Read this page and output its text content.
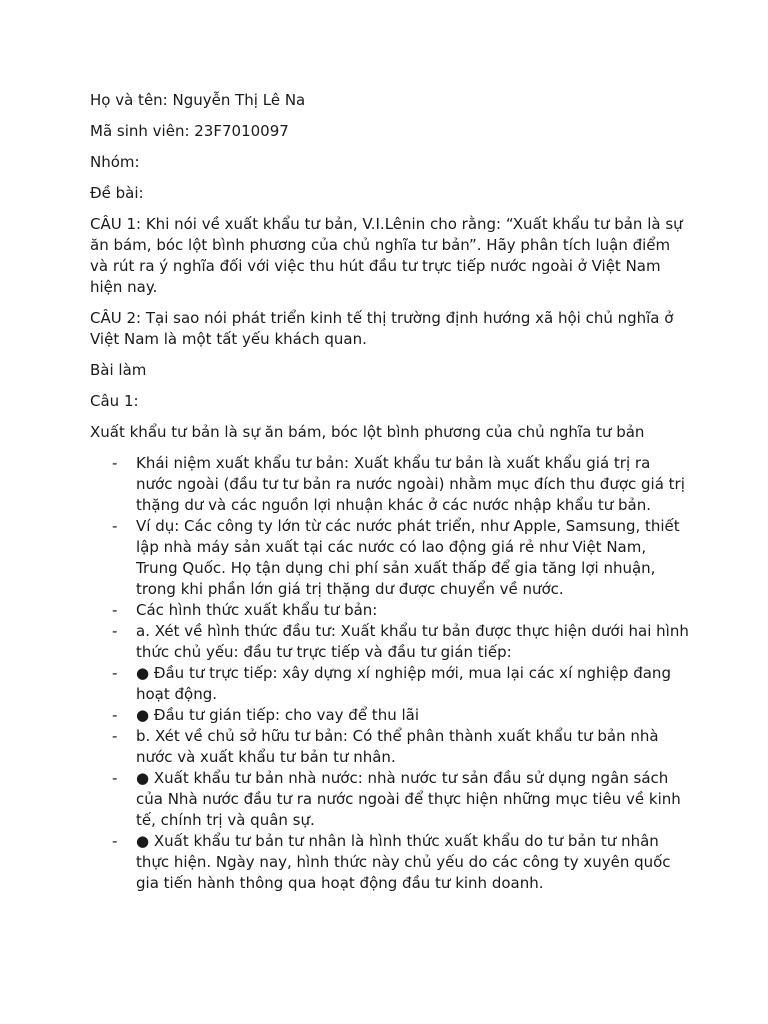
Họ và tên: Nguyễn Thị Lê Na

Mã sinh viên: 23F7010097

Nhóm:

Đề bài:

CÂU 1: Khi nói về xuất khẩu tư bản, V.I.Lênin cho rằng: “Xuất khẩu tư bản là sự ăn bám, bóc lột bình phương của chủ nghĩa tư bản”. Hãy phân tích luận điểm và rút ra ý nghĩa đối với việc thu hút đầu tư trực tiếp nước ngoài ở Việt Nam hiện nay.

CÂU 2: Tại sao nói phát triển kinh tế thị trường định hướng xã hội chủ nghĩa ở Việt Nam là một tất yếu khách quan.

Bài làm

Câu 1:

Xuất khẩu tư bản là sự ăn bám, bóc lột bình phương của chủ nghĩa tư bản

- Khái niệm xuất khẩu tư bản: Xuất khẩu tư bản là xuất khẩu giá trị ra nước ngoài (đầu tư tư bản ra nước ngoài) nhằm mục đích thu được giá trị thặng dư và các nguồn lợi nhuận khác ở các nước nhập khẩu tư bản.
- Ví dụ: Các công ty lớn từ các nước phát triển, như Apple, Samsung, thiết lập nhà máy sản xuất tại các nước có lao động giá rẻ như Việt Nam, Trung Quốc. Họ tận dụng chi phí sản xuất thấp để gia tăng lợi nhuận, trong khi phần lớn giá trị thặng dư được chuyển về nước.
- Các hình thức xuất khẩu tư bản:
- a. Xét về hình thức đầu tư: Xuất khẩu tư bản được thực hiện dưới hai hình thức chủ yếu: đầu tư trực tiếp và đầu tư gián tiếp:
- ● Đầu tư trực tiếp: xây dựng xí nghiệp mới, mua lại các xí nghiệp đang hoạt động.
- ● Đầu tư gián tiếp: cho vay để thu lãi
- b. Xét về chủ sở hữu tư bản: Có thể phân thành xuất khẩu tư bản nhà nước và xuất khẩu tư bản tư nhân.
- ● Xuất khẩu tư bản nhà nước: nhà nước tư sản đầu sử dụng ngân sách của Nhà nước đầu tư ra nước ngoài để thực hiện những mục tiêu về kinh tế, chính trị và quân sự.
- ● Xuất khẩu tư bản tư nhân là hình thức xuất khẩu do tư bản tư nhân thực hiện. Ngày nay, hình thức này chủ yếu do các công ty xuyên quốc gia tiến hành thông qua hoạt động đầu tư kinh doanh.
